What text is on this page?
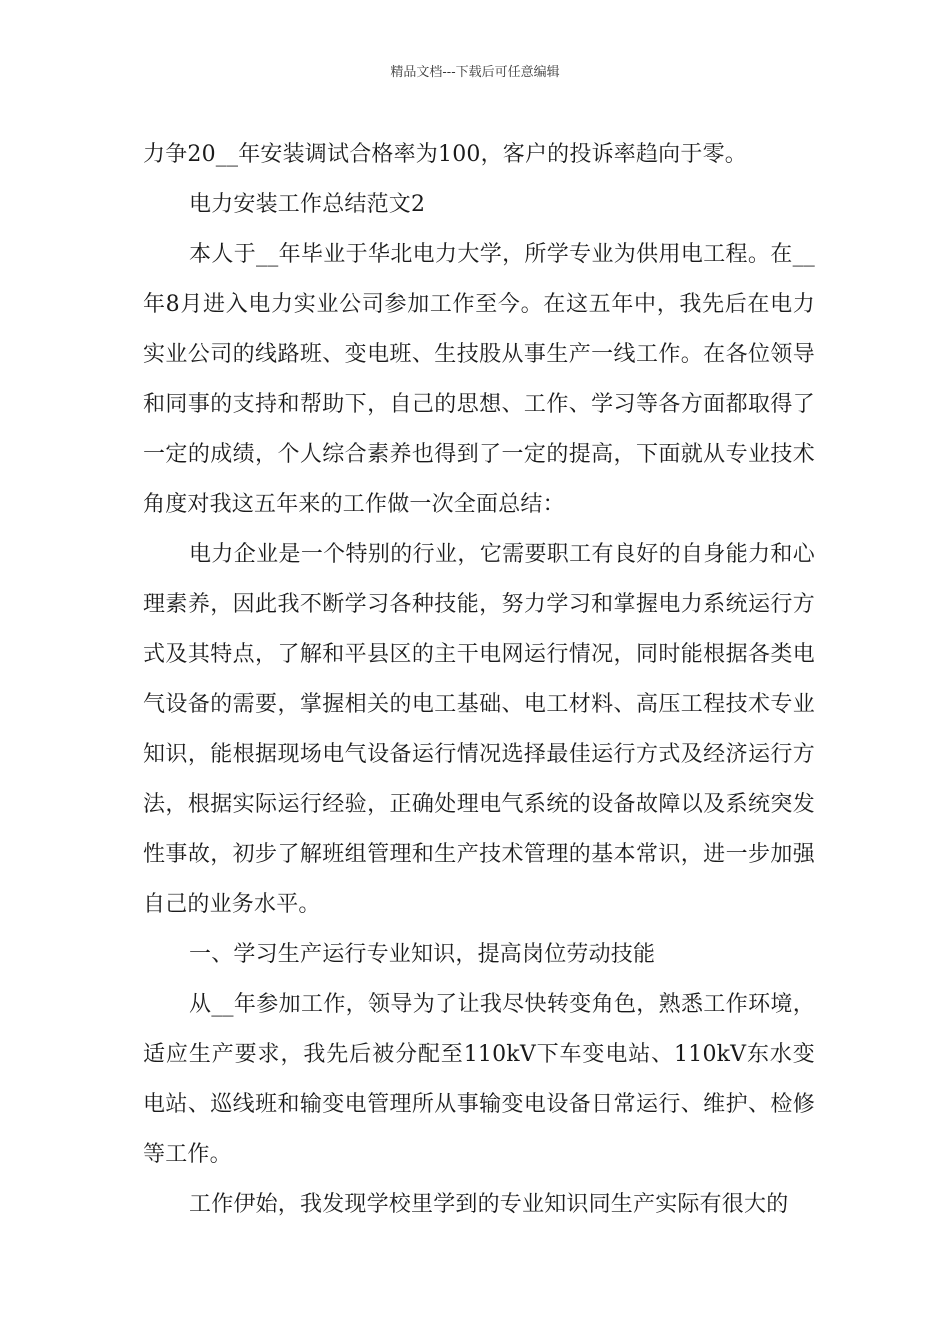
精品文档---下载后可任意编辑

力争20__年安装调试合格率为100，客户的投诉率趋向于零。

电力安装工作总结范文2

本人于__年毕业于华北电力大学，所学专业为供用电工程。在__年8月进入电力实业公司参加工作至今。在这五年中，我先后在电力实业公司的线路班、变电班、生技股从事生产一线工作。在各位领导和同事的支持和帮助下，自己的思想、工作、学习等各方面都取得了一定的成绩，个人综合素养也得到了一定的提高，下面就从专业技术角度对我这五年来的工作做一次全面总结：

电力企业是一个特别的行业，它需要职工有良好的自身能力和心理素养，因此我不断学习各种技能，努力学习和掌握电力系统运行方式及其特点，了解和平县区的主干电网运行情况，同时能根据各类电气设备的需要，掌握相关的电工基础、电工材料、高压工程技术专业知识，能根据现场电气设备运行情况选择最佳运行方式及经济运行方法，根据实际运行经验，正确处理电气系统的设备故障以及系统突发性事故，初步了解班组管理和生产技术管理的基本常识，进一步加强自己的业务水平。

一、学习生产运行专业知识，提高岗位劳动技能

从__年参加工作，领导为了让我尽快转变角色，熟悉工作环境，适应生产要求，我先后被分配至110kV下车变电站、110kV东水变电站、巡线班和输变电管理所从事输变电设备日常运行、维护、检修等工作。

工作伊始，我发现学校里学到的专业知识同生产实际有很大的
